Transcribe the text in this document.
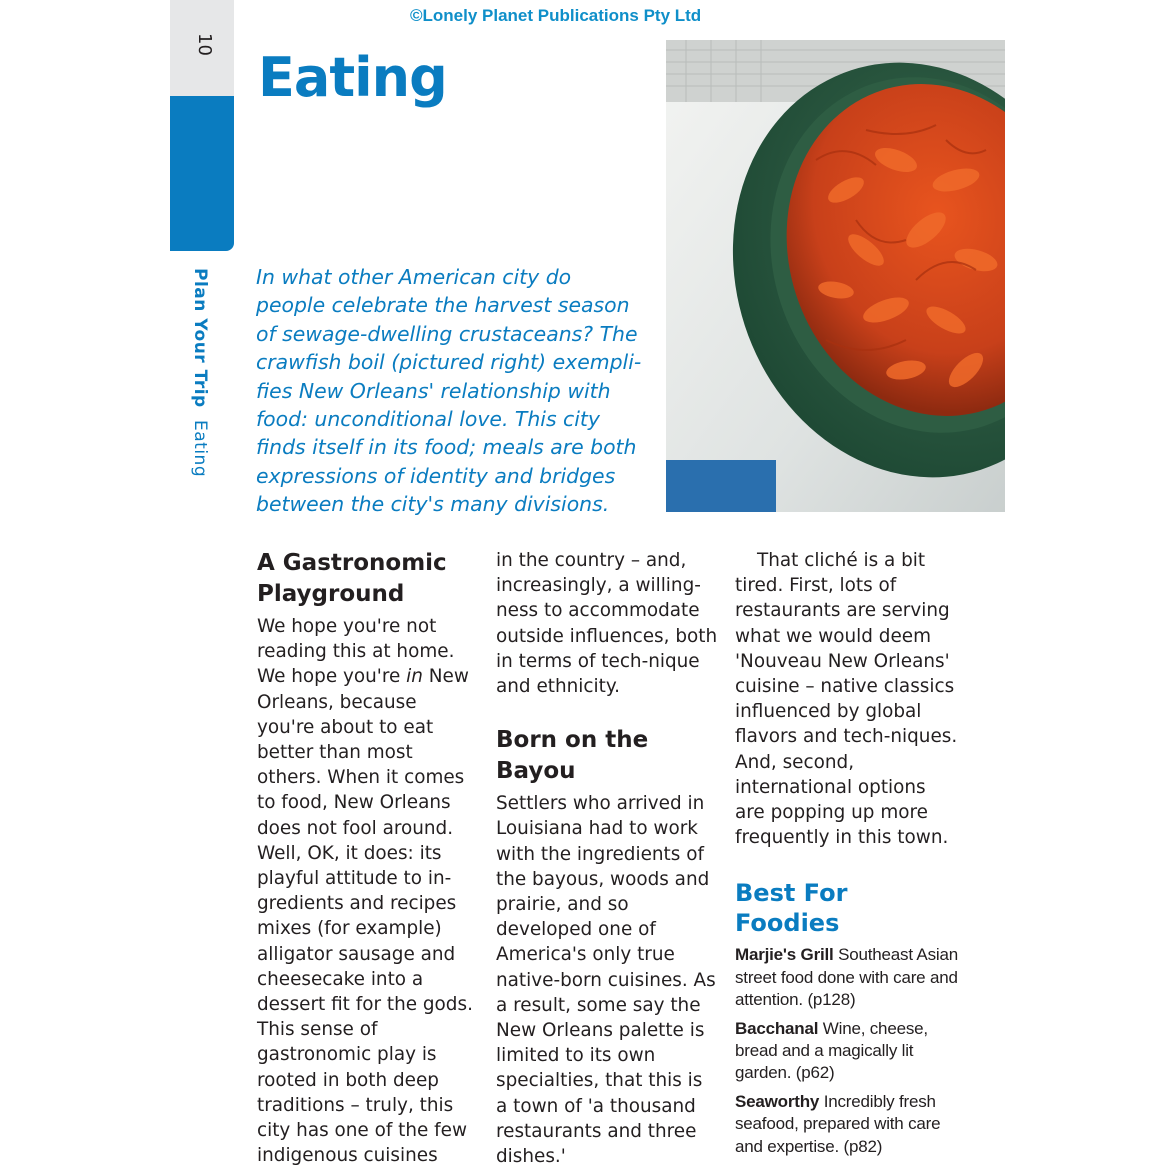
©Lonely Planet Publications Pty Ltd

10

Plan Your Trip Eating
Eating

In what other American city do people celebrate the harvest season of sewage-dwelling crustaceans? The crawfish boil (pictured right) exempli-fies New Orleans' relationship with food: unconditional love. This city finds itself in its food; meals are both expressions of identity and bridges between the city's many divisions.

A Gastronomic Playground

We hope you're not reading this at home. We hope you're in New Orleans, because you're about to eat better than most others. When it comes to food, New Orleans does not fool around. Well, OK, it does: its playful attitude to in-gredients and recipes mixes (for example) alligator sausage and cheesecake into a dessert fit for the gods. This sense of gastronomic play is rooted in both deep traditions – truly, this city has one of the few indigenous cuisines

in the country – and, increasingly, a willing-ness to accommodate outside influences, both in terms of tech-nique and ethnicity.

Born on the Bayou

Settlers who arrived in Louisiana had to work with the ingredients of the bayous, woods and prairie, and so developed one of America's only true native-born cuisines. As a result, some say the New Orleans palette is limited to its own specialties, that this is a town of 'a thousand restaurants and three dishes.'

That cliché is a bit tired. First, lots of restaurants are serving what we would deem 'Nouveau New Orleans' cuisine – native classics influenced by global flavors and tech-niques. And, second, international options are popping up more frequently in this town.

Best For Foodies

Marjie's Grill Southeast Asian street food done with care and attention. (p128)

Bacchanal Wine, cheese, bread and a magically lit garden. (p62)

Seaworthy Incredibly fresh seafood, prepared with care and expertise. (p82)
